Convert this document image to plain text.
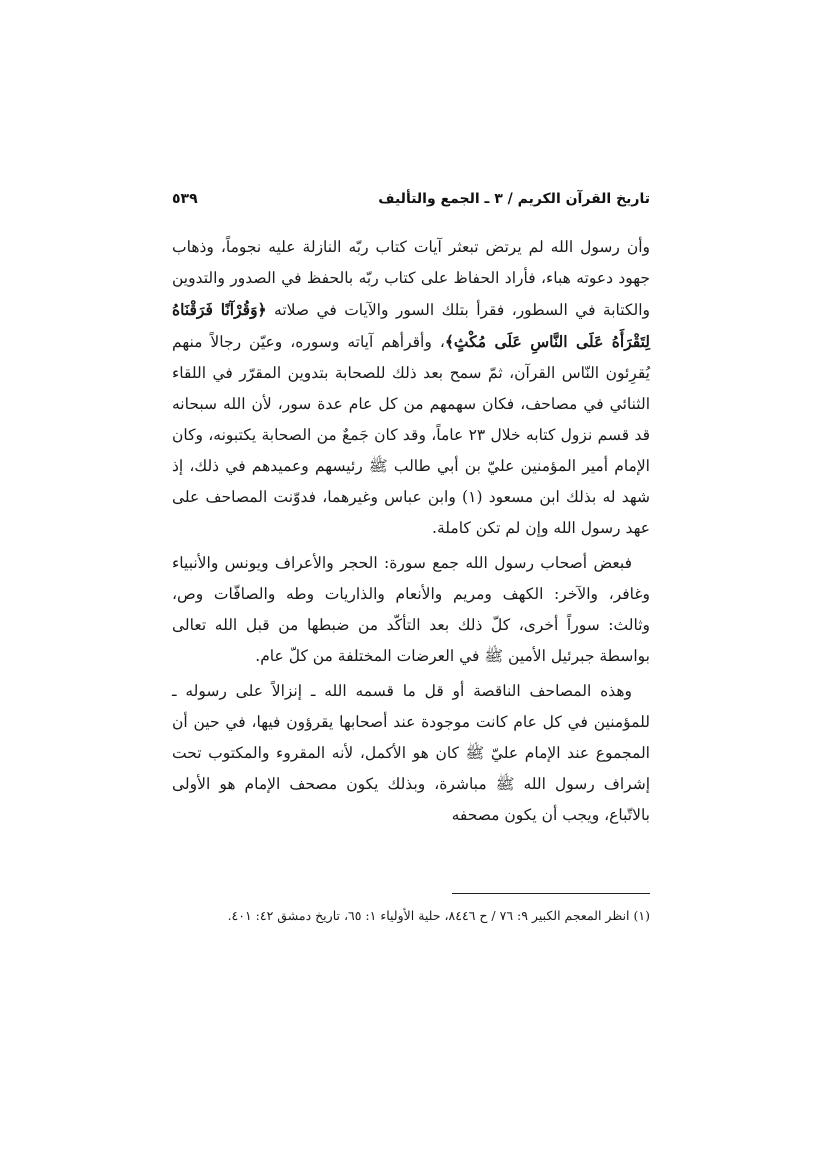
تاريخ القرآن الكريم / ٣ ـ الجمع والتأليف
٥٣٩

وأن رسول الله لم يرتض تبعثر آيات كتاب ربّه النازلة عليه نجوماً، وذهاب جهود دعوته هباء، فأراد الحفاظ على كتاب ربّه بالحفظ في الصدور والتدوين والكتابة في السطور، فقرأ بتلك السور والآيات في صلاته ﴿وَقُرْآنًا فَرَقْنَاهُ لِتَقْرَأَهُ عَلَى النَّاسِ عَلَى مُكْثٍ﴾، وأقرأهم آياته وسوره، وعيّن رجالاً منهم يُقرِئون النّاس القرآن، ثمّ سمح بعد ذلك للصحابة بتدوين المقرّر في اللقاء الثنائي في مصاحف، فكان سهمهم من كل عام عدة سور، لأن الله سبحانه قد قسم نزول كتابه خلال ٢٣ عاماً، وقد كان جَمعٌ من الصحابة يكتبونه، وكان الإمام أمير المؤمنين عليّ بن أبي طالب ﷺ رئيسهم وعميدهم في ذلك، إذ شهد له بذلك ابن مسعود (١) وابن عباس وغيرهما، فدوّنت المصاحف على عهد رسول الله وإن لم تكن كاملة.

فبعض أصحاب رسول الله جمع سورة: الحجر والأعراف ويونس والأنبياء وغافر، والآخر: الكهف ومريم والأنعام والذاريات وطه والصافّات وص، وثالث: سوراً أخرى، كلّ ذلك بعد التأكّد من ضبطها من قبل الله تعالى بواسطة جبرئيل الأمين ﷺ في العرضات المختلفة من كلّ عام.

وهذه المصاحف الناقصة أو قل ما قسمه الله ـ إنزالاً على رسوله ـ للمؤمنين في كل عام كانت موجودة عند أصحابها يقرؤون فيها، في حين أن المجموع عند الإمام عليّ ﷺ كان هو الأكمل، لأنه المقروء والمكتوب تحت إشراف رسول الله ﷺ مباشرة، وبذلك يكون مصحف الإمام هو الأولى بالاتّباع، ويجب أن يكون مصحفه

(١) انظر المعجم الكبير ٩: ٧٦ / ح ٨٤٤٦، حلية الأولياء ١: ٦٥، تاريخ دمشق ٤٢: ٤٠١.
